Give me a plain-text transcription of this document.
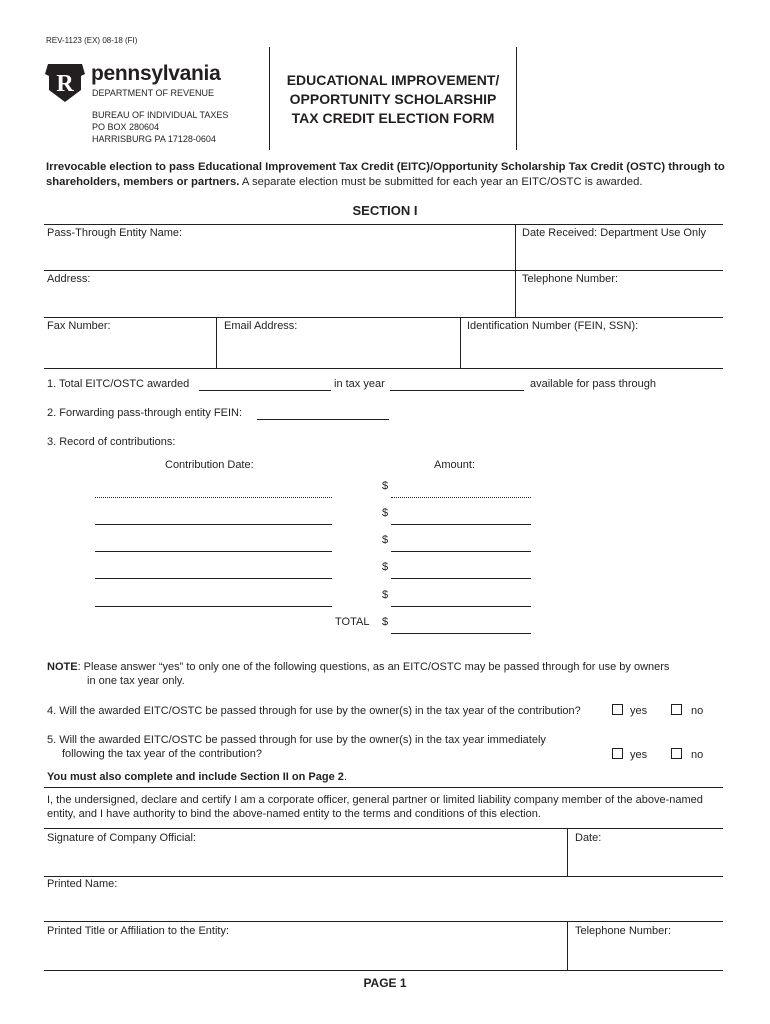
REV-1123 (EX) 08-18 (FI)
R pennsylvania
DEPARTMENT OF REVENUE
BUREAU OF INDIVIDUAL TAXES
PO BOX 280604
HARRISBURG PA 17128-0604
EDUCATIONAL IMPROVEMENT/
OPPORTUNITY SCHOLARSHIP
TAX CREDIT ELECTION FORM
Irrevocable election to pass Educational Improvement Tax Credit (EITC)/Opportunity Scholarship Tax Credit (OSTC) through to shareholders, members or partners. A separate election must be submitted for each year an EITC/OSTC is awarded.
SECTION I
Pass-Through Entity Name:	Date Received: Department Use Only
Address:	Telephone Number:
Fax Number:	Email Address:	Identification Number (FEIN, SSN):
1. Total EITC/OSTC awarded	in tax year	available for pass through
2. Forwarding pass-through entity FEIN:
3. Record of contributions:
Contribution Date:	Amount:
$
$
$
$
$
TOTAL $
NOTE: Please answer “yes” to only one of the following questions, as an EITC/OSTC may be passed through for use by owners
in one tax year only.
4. Will the awarded EITC/OSTC be passed through for use by the owner(s) in the tax year of the contribution?	yes	no
5. Will the awarded EITC/OSTC be passed through for use by the owner(s) in the tax year immediately
following the tax year of the contribution?	yes	no
You must also complete and include Section II on Page 2.
I, the undersigned, declare and certify I am a corporate officer, general partner or limited liability company member of the above-named
entity, and I have authority to bind the above-named entity to the terms and conditions of this election.
Signature of Company Official:	Date:
Printed Name:
Printed Title or Affiliation to the Entity:	Telephone Number:
PAGE 1
